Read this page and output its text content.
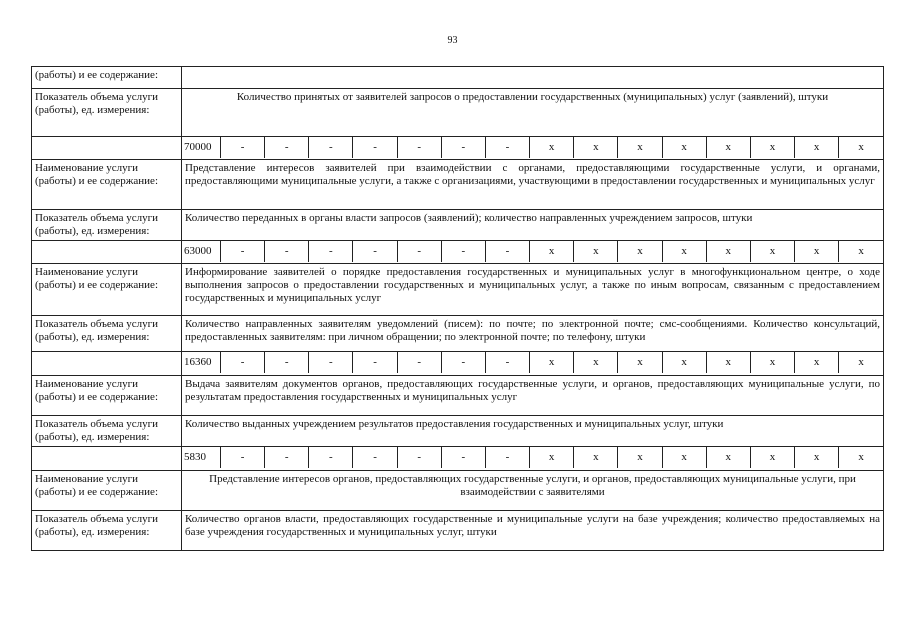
93
(работы) и ее содержание:	
Показатель объема услуги (работы), ед. измерения:	Количество принятых от заявителей запросов о предоставлении государственных (муниципальных) услуг (заявлений), штуки

70000	-	-	-	-	-	-	-	x	x	x	x	x	x	x	x

Наименование услуги (работы) и ее содержание:	Представление интересов заявителей при взаимодействии с органами, предоставляющими государственные услуги, и органами, предоставляющими муниципальные услуги, а также с организациями, участвующими в предоставлении государственных и муниципальных услуг
Показатель объема услуги (работы), ед. измерения:	Количество переданных в органы власти запросов (заявлений); количество направленных учреждением запросов, штуки

63000	-	-	-	-	-	-	-	x	x	x	x	x	x	x	x

Наименование услуги (работы) и ее содержание:	Информирование заявителей о порядке предоставления государственных и муниципальных услуг в многофункциональном центре, о ходе выполнения запросов о предоставлении государственных и муниципальных услуг, а также по иным вопросам, связанным с предоставлением государственных и муниципальных услуг
Показатель объема услуги (работы), ед. измерения:	Количество направленных заявителям уведомлений (писем): по почте; по электронной почте; смс-сообщениями. Количество консультаций, предоставленных заявителям: при личном обращении; по электронной почте; по телефону, штуки

16360	-	-	-	-	-	-	-	x	x	x	x	x	x	x	x

Наименование услуги (работы) и ее содержание:	Выдача заявителям документов органов, предоставляющих государственные услуги, и органов, предоставляющих муниципальные услуги, по результатам предоставления государственных и муниципальных услуг
Показатель объема услуги (работы), ед. измерения:	Количество выданных учреждением результатов предоставления государственных и муниципальных услуг, штуки

5830	-	-	-	-	-	-	-	x	x	x	x	x	x	x	x

Наименование услуги (работы) и ее содержание:	Представление интересов органов, предоставляющих государственные услуги, и органов, предоставляющих муниципальные услуги, при взаимодействии с заявителями
Показатель объема услуги (работы), ед. измерения:	Количество органов власти, предоставляющих государственные и муниципальные услуги на базе учреждения; количество предоставляемых на базе учреждения государственных и муниципальных услуг, штуки
